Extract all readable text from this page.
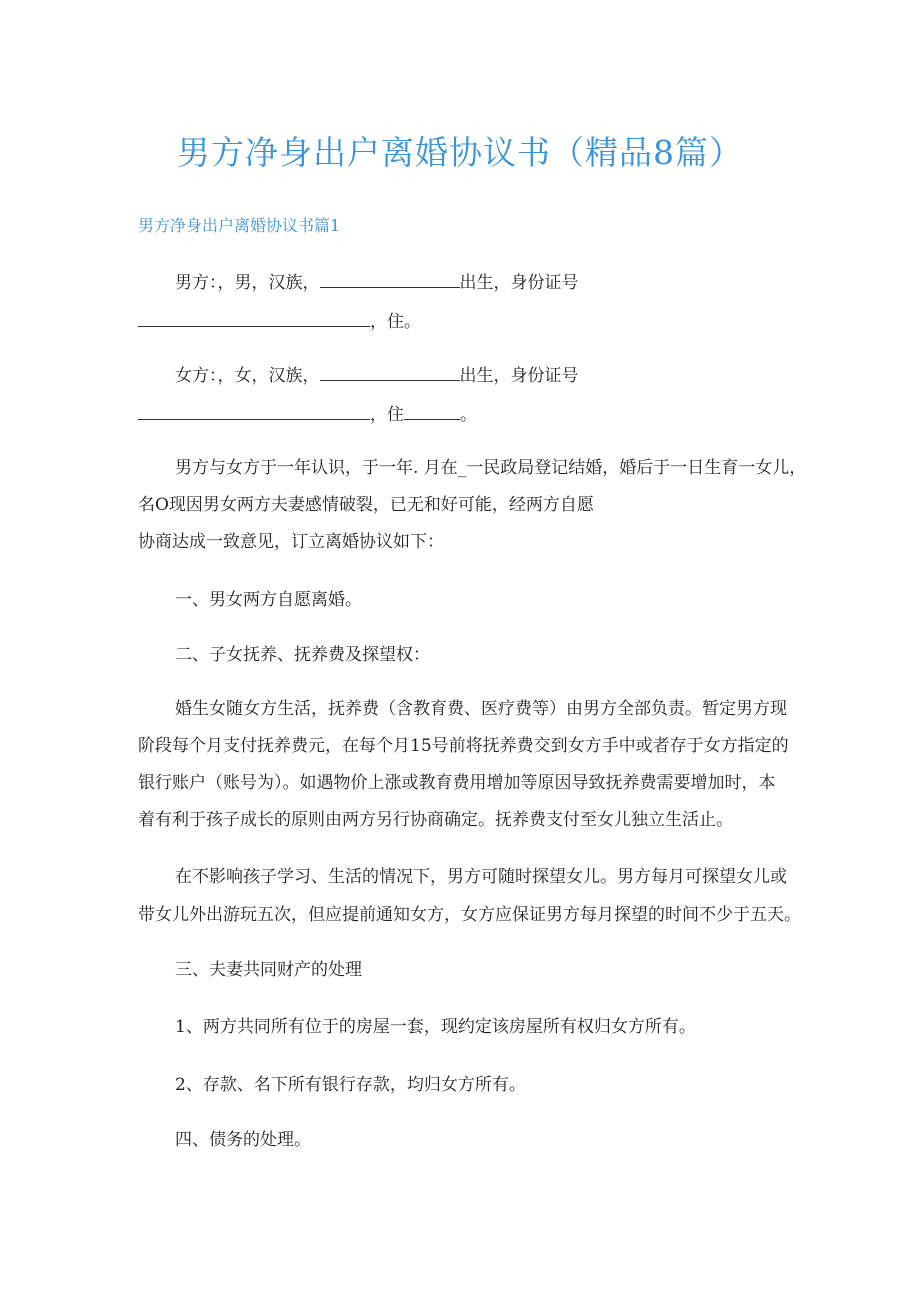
男方净身出户离婚协议书（精品8篇）
男方净身出户离婚协议书篇1

男方：，男，汉族，	出生，身份证号

，住。

女方：，女，汉族，	出生，身份证号

，住	。

男方与女方于一年认识，于一年. 月在_一民政局登记结婚，婚后于一日生育一女儿，

名O现因男女两方夫妻感情破裂，已无和好可能，经两方自愿

协商达成一致意见，订立离婚协议如下：

一、男女两方自愿离婚。

二、子女抚养、抚养费及探望权：

婚生女随女方生活，抚养费（含教育费、医疗费等）由男方全部负责。暂定男方现

阶段每个月支付抚养费元，在每个月15号前将抚养费交到女方手中或者存于女方指定的

银行账户（账号为）。如遇物价上涨或教育费用增加等原因导致抚养费需要增加时，本

着有利于孩子成长的原则由两方另行协商确定。抚养费支付至女儿独立生活止。

在不影响孩子学习、生活的情况下，男方可随时探望女儿。男方每月可探望女儿或

带女儿外出游玩五次，但应提前通知女方，女方应保证男方每月探望的时间不少于五天。

三、夫妻共同财产的处理

1、两方共同所有位于的房屋一套，现约定该房屋所有权归女方所有。

2、存款、名下所有银行存款，均归女方所有。

四、债务的处理。
